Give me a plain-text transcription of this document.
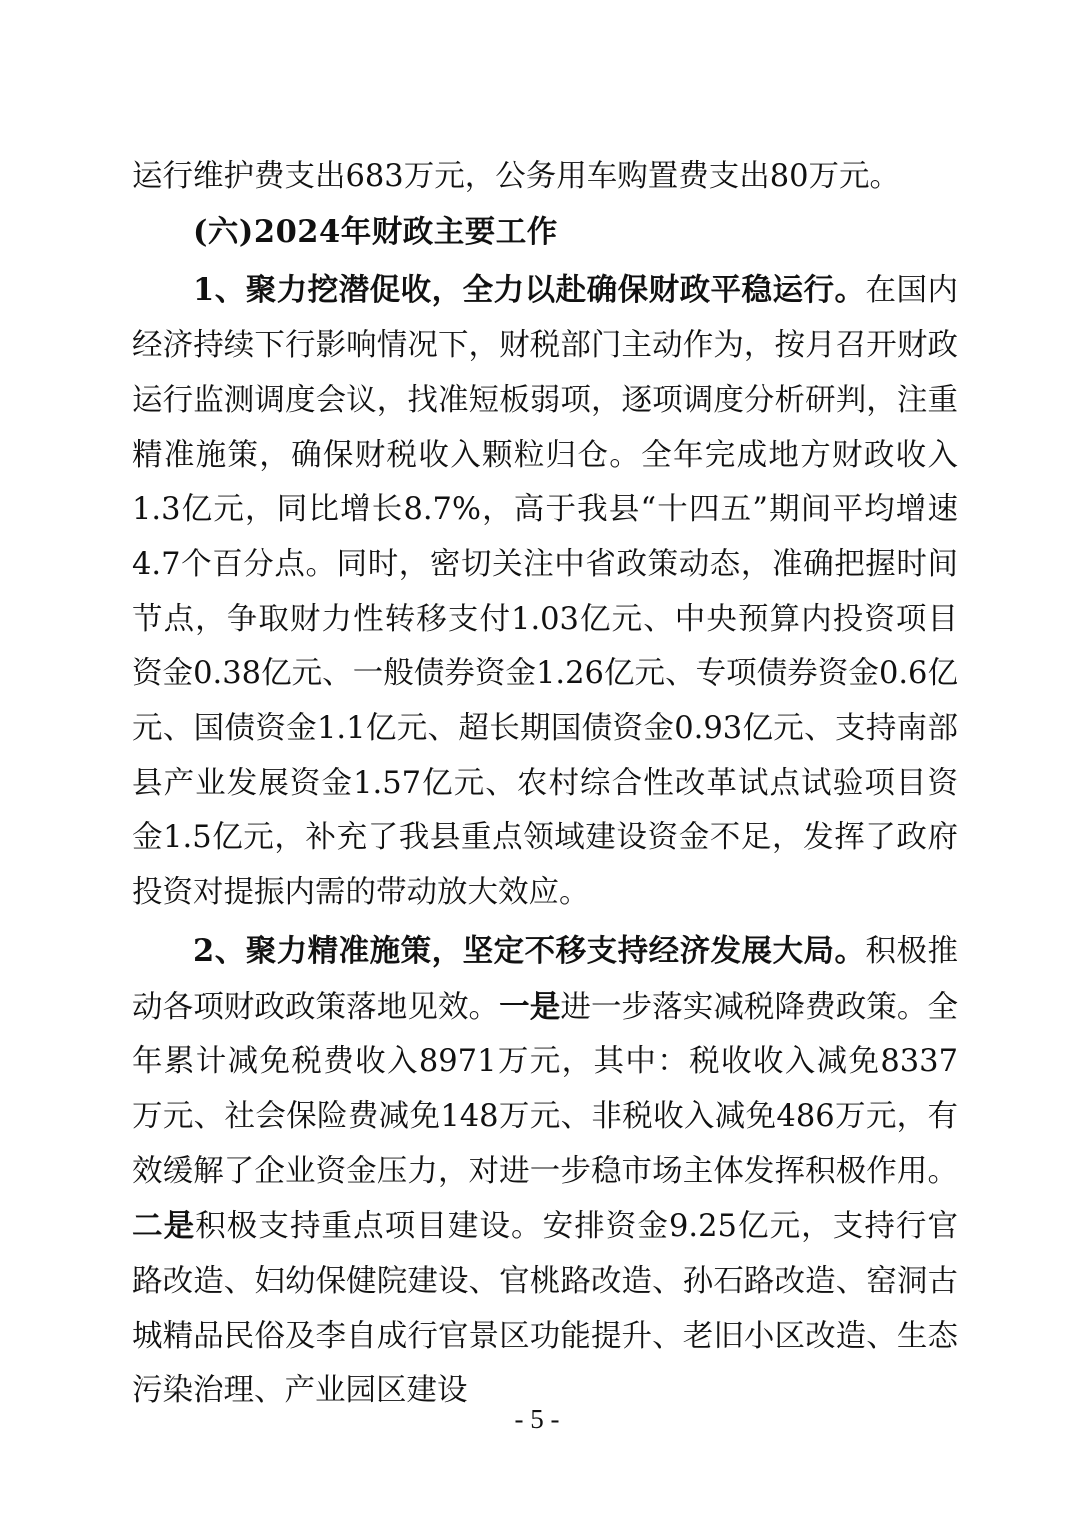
运行维护费支出683万元，公务用车购置费支出80万元。

(六)2024年财政主要工作

1、聚力挖潜促收，全力以赴确保财政平稳运行。在国内经济持续下行影响情况下，财税部门主动作为，按月召开财政运行监测调度会议，找准短板弱项，逐项调度分析研判，注重精准施策，确保财税收入颗粒归仓。全年完成地方财政收入1.3亿元，同比增长8.7%，高于我县“十四五”期间平均增速4.7个百分点。同时，密切关注中省政策动态，准确把握时间节点，争取财力性转移支付1.03亿元、中央预算内投资项目资金0.38亿元、一般债券资金1.26亿元、专项债券资金0.6亿元、国债资金1.1亿元、超长期国债资金0.93亿元、支持南部县产业发展资金1.57亿元、农村综合性改革试点试验项目资金1.5亿元，补充了我县重点领域建设资金不足，发挥了政府投资对提振内需的带动放大效应。

2、聚力精准施策，坚定不移支持经济发展大局。积极推动各项财政政策落地见效。一是进一步落实减税降费政策。全年累计减免税费收入8971万元，其中：税收收入减免8337万元、社会保险费减免148万元、非税收入减免486万元，有效缓解了企业资金压力，对进一步稳市场主体发挥积极作用。二是积极支持重点项目建设。安排资金9.25亿元，支持行官路改造、妇幼保健院建设、官桃路改造、孙石路改造、窑洞古城精品民俗及李自成行官景区功能提升、老旧小区改造、生态污染治理、产业园区建设

- 5 -
